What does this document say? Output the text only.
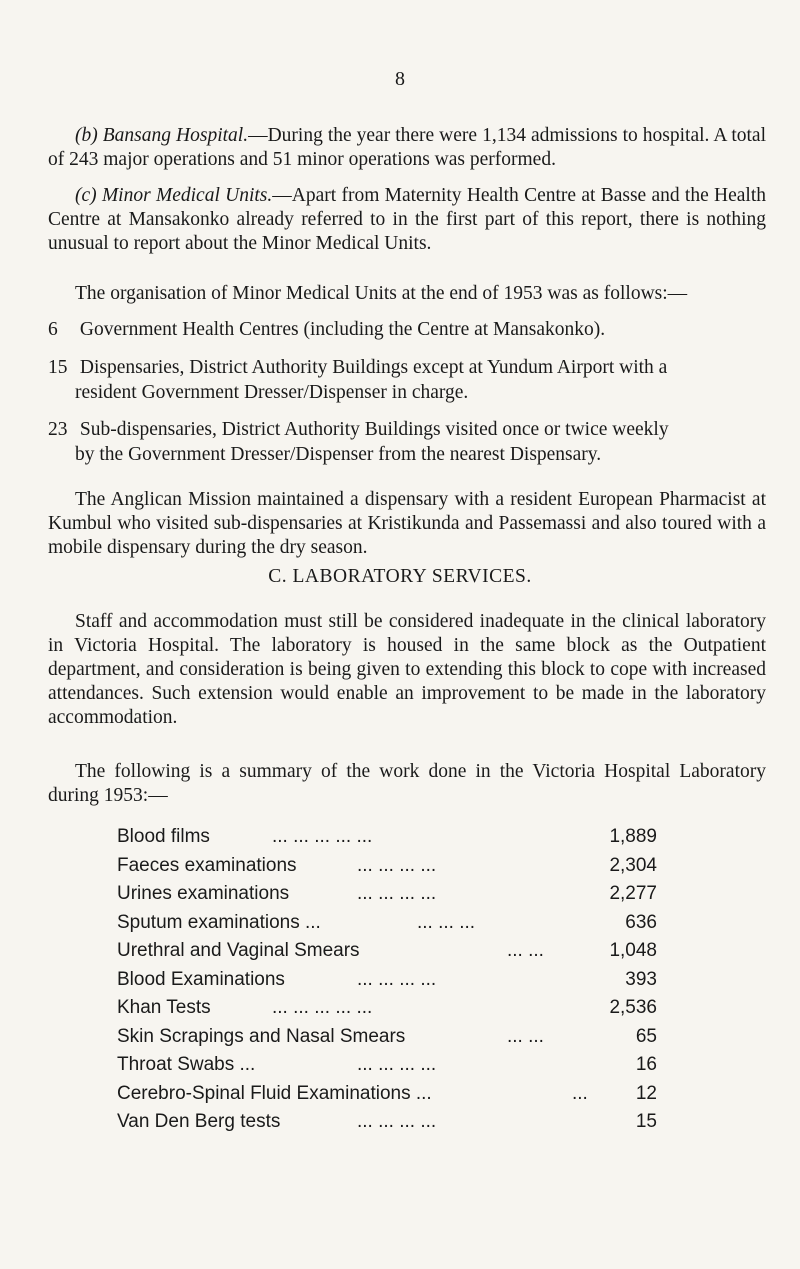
8

(b) Bansang Hospital.—During the year there were 1,134 admissions to hospital. A total of 243 major operations and 51 minor operations was performed.

(c) Minor Medical Units.—Apart from Maternity Health Centre at Basse and the Health Centre at Mansakonko already referred to in the first part of this report, there is nothing unusual to report about the Minor Medical Units.

The organisation of Minor Medical Units at the end of 1953 was as follows:—

6 Government Health Centres (including the Centre at Mansakonko).
15 Dispensaries, District Authority Buildings except at Yundum Airport with a
resident Government Dresser/Dispenser in charge.
23 Sub-dispensaries, District Authority Buildings visited once or twice weekly
by the Government Dresser/Dispenser from the nearest Dispensary.

The Anglican Mission maintained a dispensary with a resident European Pharmacist at Kumbul who visited sub-dispensaries at Kristikunda and Passemassi and also toured with a mobile dispensary during the dry season.

C. LABORATORY SERVICES.

Staff and accommodation must still be considered inadequate in the clinical laboratory in Victoria Hospital. The laboratory is housed in the same block as the Outpatient department, and consideration is being given to extending this block to cope with increased attendances. Such extension would enable an improvement to be made in the laboratory accommodation.

The following is a summary of the work done in the Victoria Hospital Laboratory during 1953:—

Blood films	... ... ... ... ...	1,889
Faeces examinations	... ... ... ...	2,304
Urines examinations	... ... ... ...	2,277
Sputum examinations ...	... ... ...	636
Urethral and Vaginal Smears	... ...	1,048
Blood Examinations	... ... ... ...	393
Khan Tests	... ... ... ... ...	2,536
Skin Scrapings and Nasal Smears	... ...	65
Throat Swabs ...	... ... ... ...	16
Cerebro-Spinal Fluid Examinations ...	...	12
Van Den Berg tests	... ... ... ...	15
